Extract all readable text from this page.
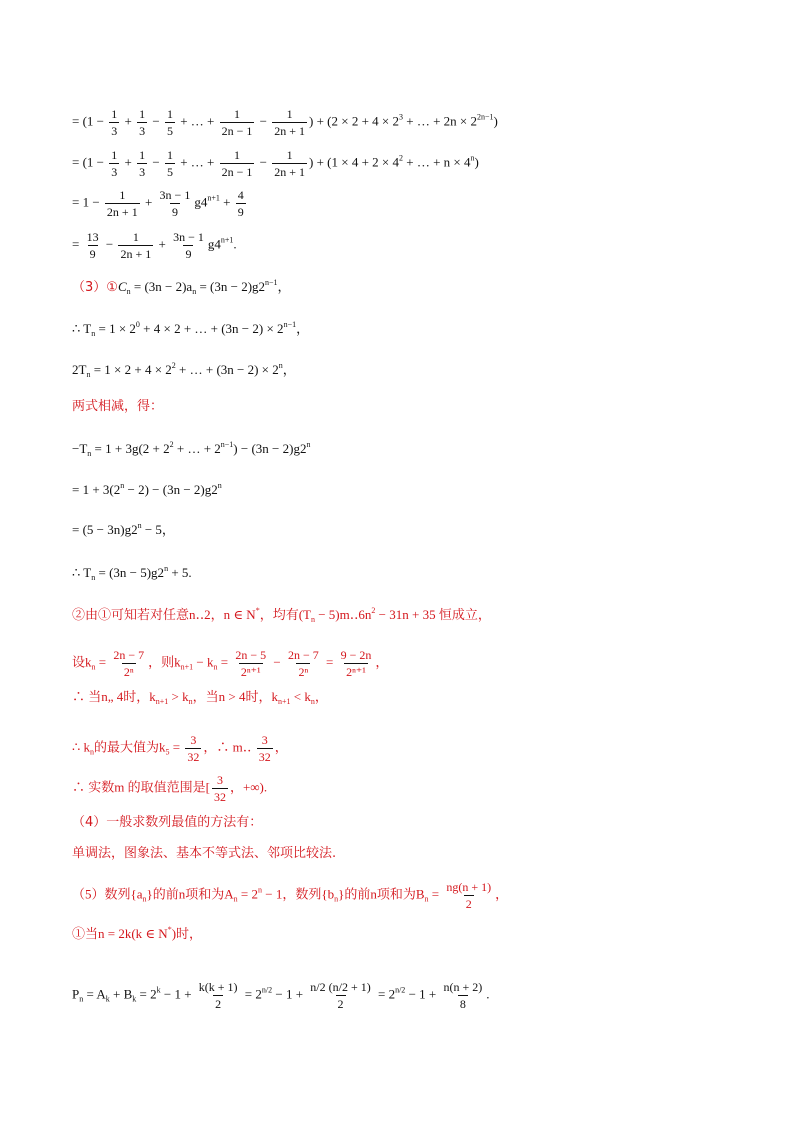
= ($1 - \frac{1}{3} + \frac{1}{3} - \frac{1}{5}$ + … + $\frac{1}{2n - 1} - \frac{1}{2n + 1}$ ) + ($2 \times 2 + 4 \times 2^3$ + … + $2n \times 2^{2n-1}$)
= ($1 - \frac{1}{3} + \frac{1}{3} - \frac{1}{5}$ + … + $\frac{1}{2n - 1} - \frac{1}{2n + 1}$ ) + ($1 \times 4 + 2 \times 4^2$ + … + $n \times 4^n$)
= $1 - \frac{1}{2n + 1} + \frac{3n - 1}{9} g4^{n+1} + \frac{4}{9}$
= $\frac{13}{9} - \frac{1}{2n + 1} + \frac{3n - 1}{9} g4^{n+1}$.
$(3)①C_n = (3n - 2)a_n = (3n - 2)g2^{n-1}$，
∴ $T_n = 1 \times 2^0 + 4 \times 2$ + … + $(3n - 2) \times 2^{n-1}$，
$2T_n = 1 \times 2 + 4 \times 2^2$ + … + $(3n - 2) \times 2^n$，
两式相减，得：
$-T_n = 1 + 3g(2 + 2^2$ + … + $2^{n-1}) - (3n - 2)g2^n$
= $1 + 3(2^n - 2) - (3n - 2)g2^n$
= $(5 - 3n)g2^n - 5$，
∴ $T_n = (3n - 5)g2^n + 5$.
②由①可知若对任意n‥2，n ∈ N*，均有($T_n$ − $5)m‥6n^2 - 31n + 35$ 恒成立，
设$k_n = \frac{2n - 7}{\text{2ⁿ}}$ ，则$k_{n+1} - k_n = \frac{2n - 5}{\text{2ⁿ⁺¹}} - \frac{2n - 7}{\text{2ⁿ}} = \frac{9 - 2n}{\text{2ⁿ⁺¹}}$ ，
∴ 当n„ 4时，$k_{n+1} > k_n$，当n > 4时，$k_{n+1} < k_n$，
∴ $k_n$的最大值为$k_5 = \frac{3}{32}$ ，∴ m‥ $\frac{3}{32}$ ，
∴ 实数m 的取值范围是[ $\frac{3}{32}$ ，+∞).
（4）一般求数列最值的方法有：
单调法，图象法、基本不等式法、邻项比较法.
（5）数列$\{a_n\}$的前n项和为$A_n = 2^n - 1$，数列$\{b_n\}$的前n项和为$B_n = \frac{ng(n + 1)}{2}$ ，
①当n = 2k(k ∈ N*)时，
$P_n = A_k + B_k = 2^k - 1 + \frac{k(k + 1)}{2} = 2^{n/2} - 1 + \frac{n/2 (n/2 + 1)}{2} = 2^{n/2} - 1 + \frac{n(n + 2)}{8}$ .
